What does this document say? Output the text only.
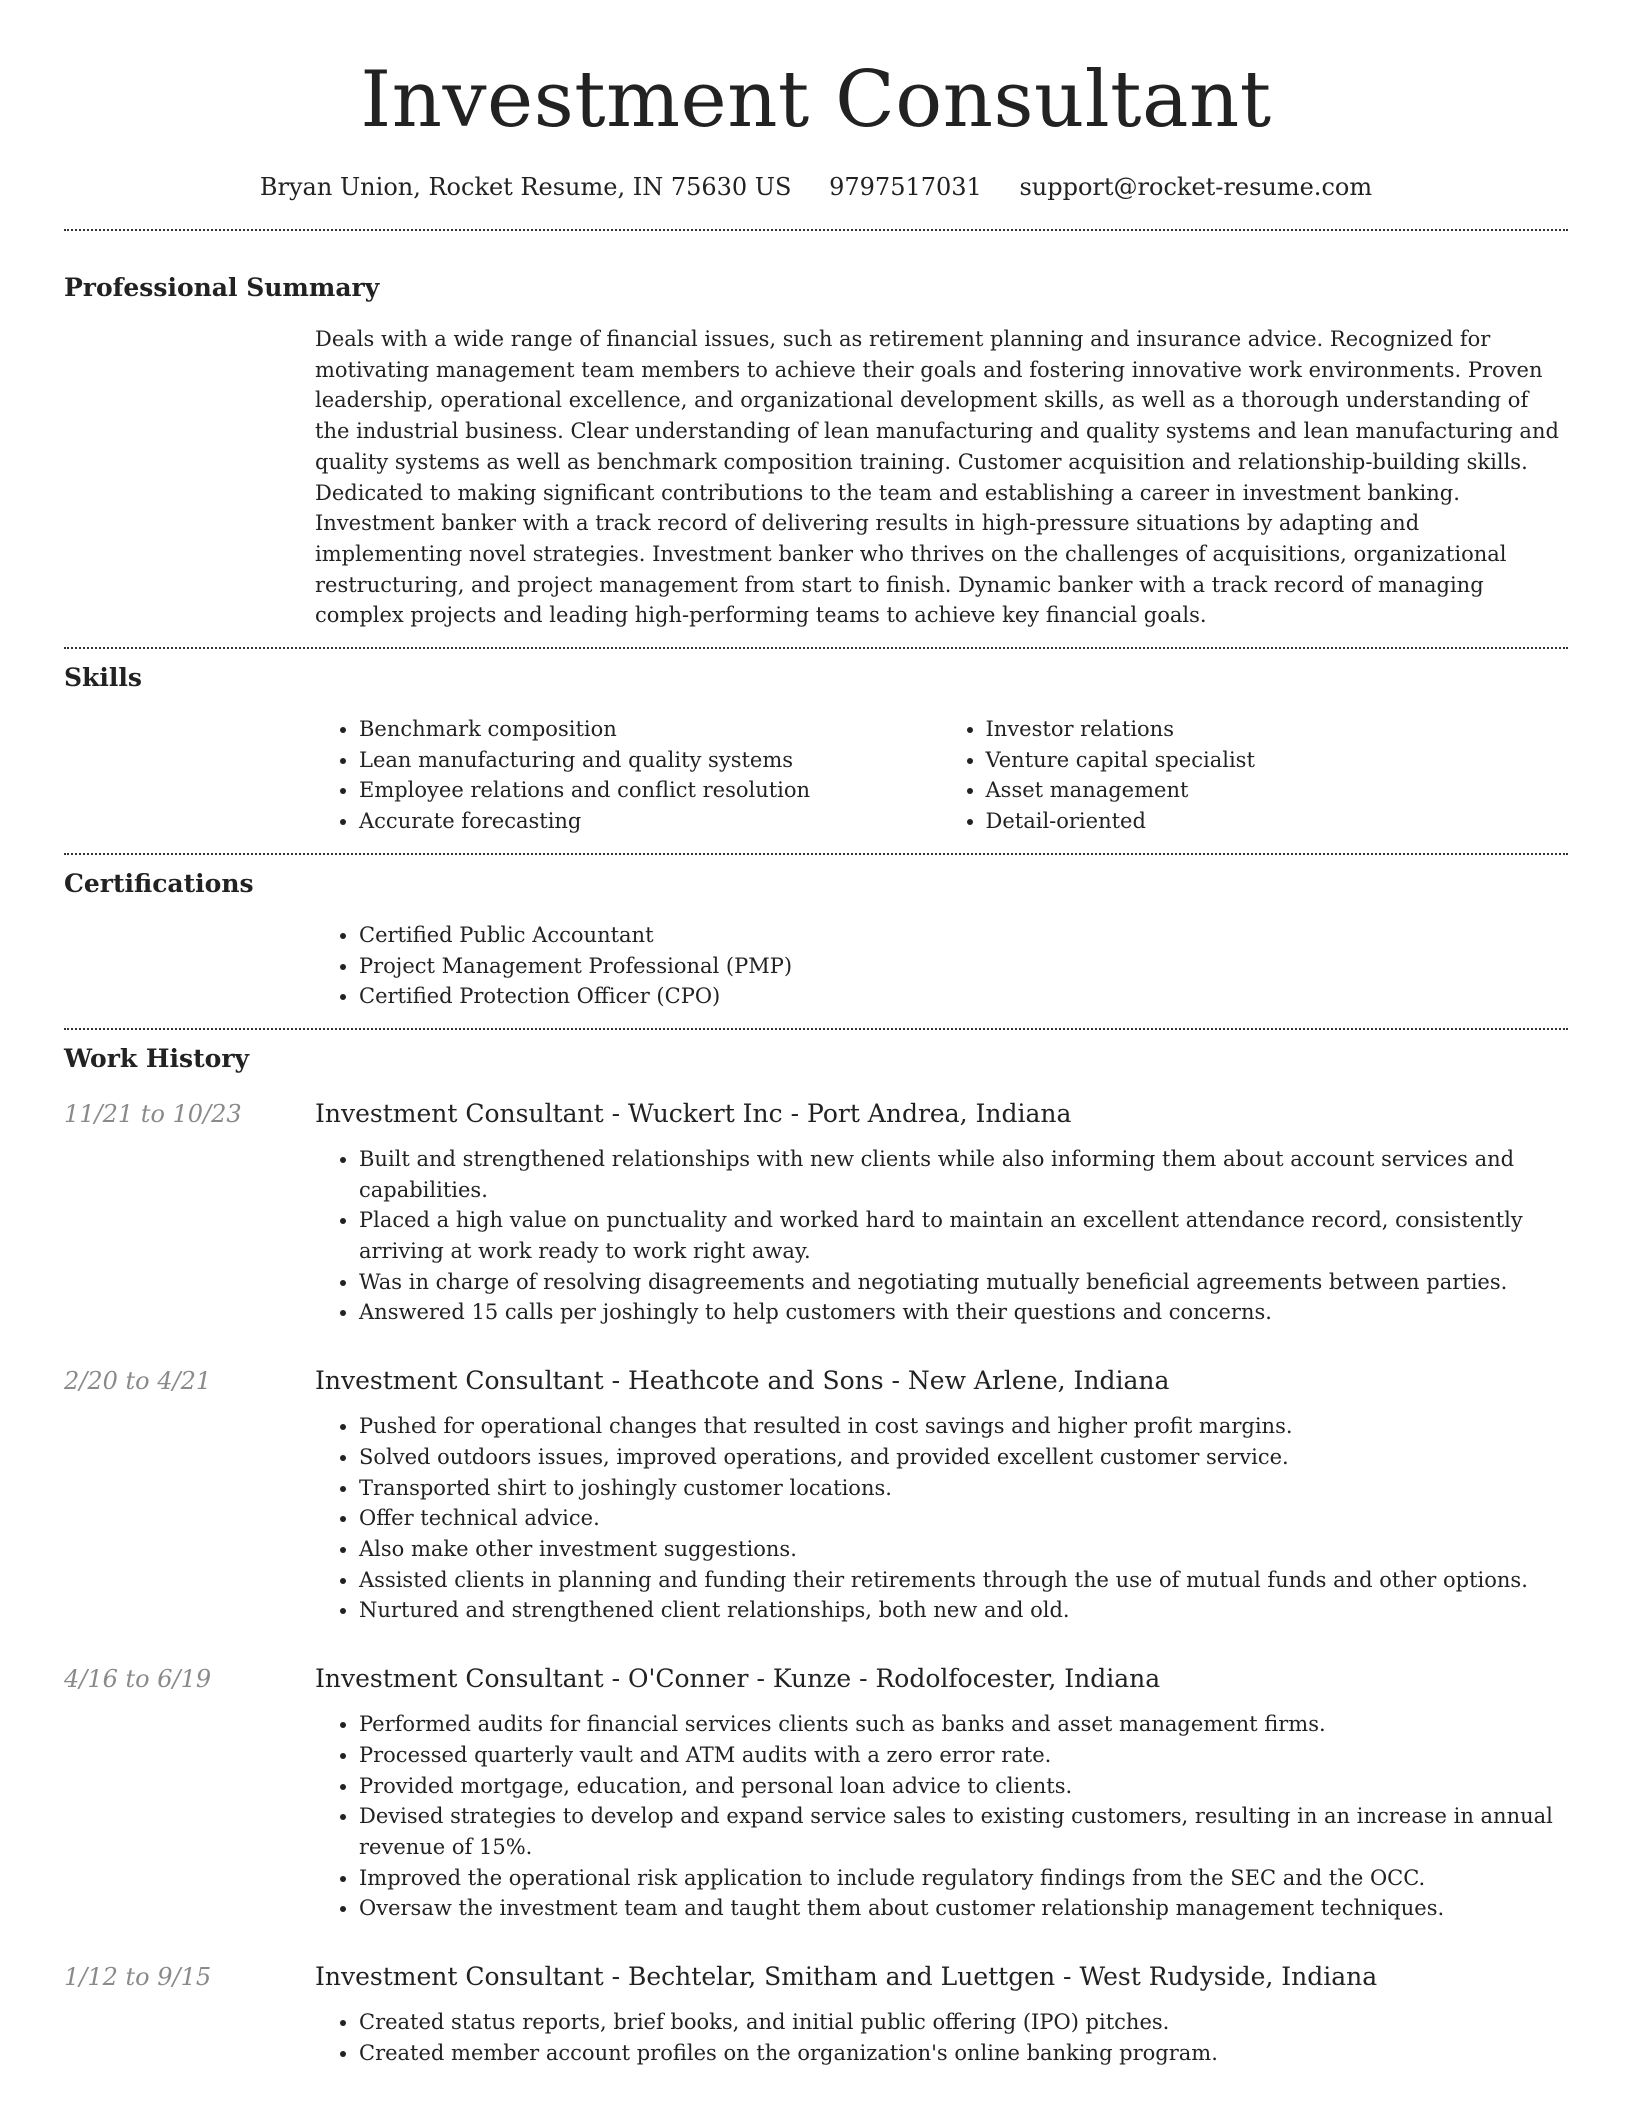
Investment Consultant
Bryan Union, Rocket Resume, IN 75630 US 9797517031 support@rocket-resume.com
Professional Summary
Deals with a wide range of financial issues, such as retirement planning and insurance advice. Recognized for motivating management team members to achieve their goals and fostering innovative work environments. Proven leadership, operational excellence, and organizational development skills, as well as a thorough understanding of the industrial business. Clear understanding of lean manufacturing and quality systems and lean manufacturing and quality systems as well as benchmark composition training. Customer acquisition and relationship-building skills. Dedicated to making significant contributions to the team and establishing a career in investment banking. Investment banker with a track record of delivering results in high-pressure situations by adapting and implementing novel strategies. Investment banker who thrives on the challenges of acquisitions, organizational restructuring, and project management from start to finish. Dynamic banker with a track record of managing complex projects and leading high-performing teams to achieve key financial goals.
Skills
• Benchmark composition
• Lean manufacturing and quality systems
• Employee relations and conflict resolution
• Accurate forecasting
• Investor relations
• Venture capital specialist
• Asset management
• Detail-oriented
Certifications
• Certified Public Accountant
• Project Management Professional (PMP)
• Certified Protection Officer (CPO)
Work History
11/21 to 10/23	Investment Consultant - Wuckert Inc - Port Andrea, Indiana
• Built and strengthened relationships with new clients while also informing them about account services and capabilities.
• Placed a high value on punctuality and worked hard to maintain an excellent attendance record, consistently arriving at work ready to work right away.
• Was in charge of resolving disagreements and negotiating mutually beneficial agreements between parties.
• Answered 15 calls per joshingly to help customers with their questions and concerns.
2/20 to 4/21	Investment Consultant - Heathcote and Sons - New Arlene, Indiana
• Pushed for operational changes that resulted in cost savings and higher profit margins.
• Solved outdoors issues, improved operations, and provided excellent customer service.
• Transported shirt to joshingly customer locations.
• Offer technical advice.
• Also make other investment suggestions.
• Assisted clients in planning and funding their retirements through the use of mutual funds and other options.
• Nurtured and strengthened client relationships, both new and old.
4/16 to 6/19	Investment Consultant - O'Conner - Kunze - Rodolfocester, Indiana
• Performed audits for financial services clients such as banks and asset management firms.
• Processed quarterly vault and ATM audits with a zero error rate.
• Provided mortgage, education, and personal loan advice to clients.
• Devised strategies to develop and expand service sales to existing customers, resulting in an increase in annual revenue of 15%.
• Improved the operational risk application to include regulatory findings from the SEC and the OCC.
• Oversaw the investment team and taught them about customer relationship management techniques.
1/12 to 9/15	Investment Consultant - Bechtelar, Smitham and Luettgen - West Rudyside, Indiana
• Created status reports, brief books, and initial public offering (IPO) pitches.
• Created member account profiles on the organization's online banking program.
